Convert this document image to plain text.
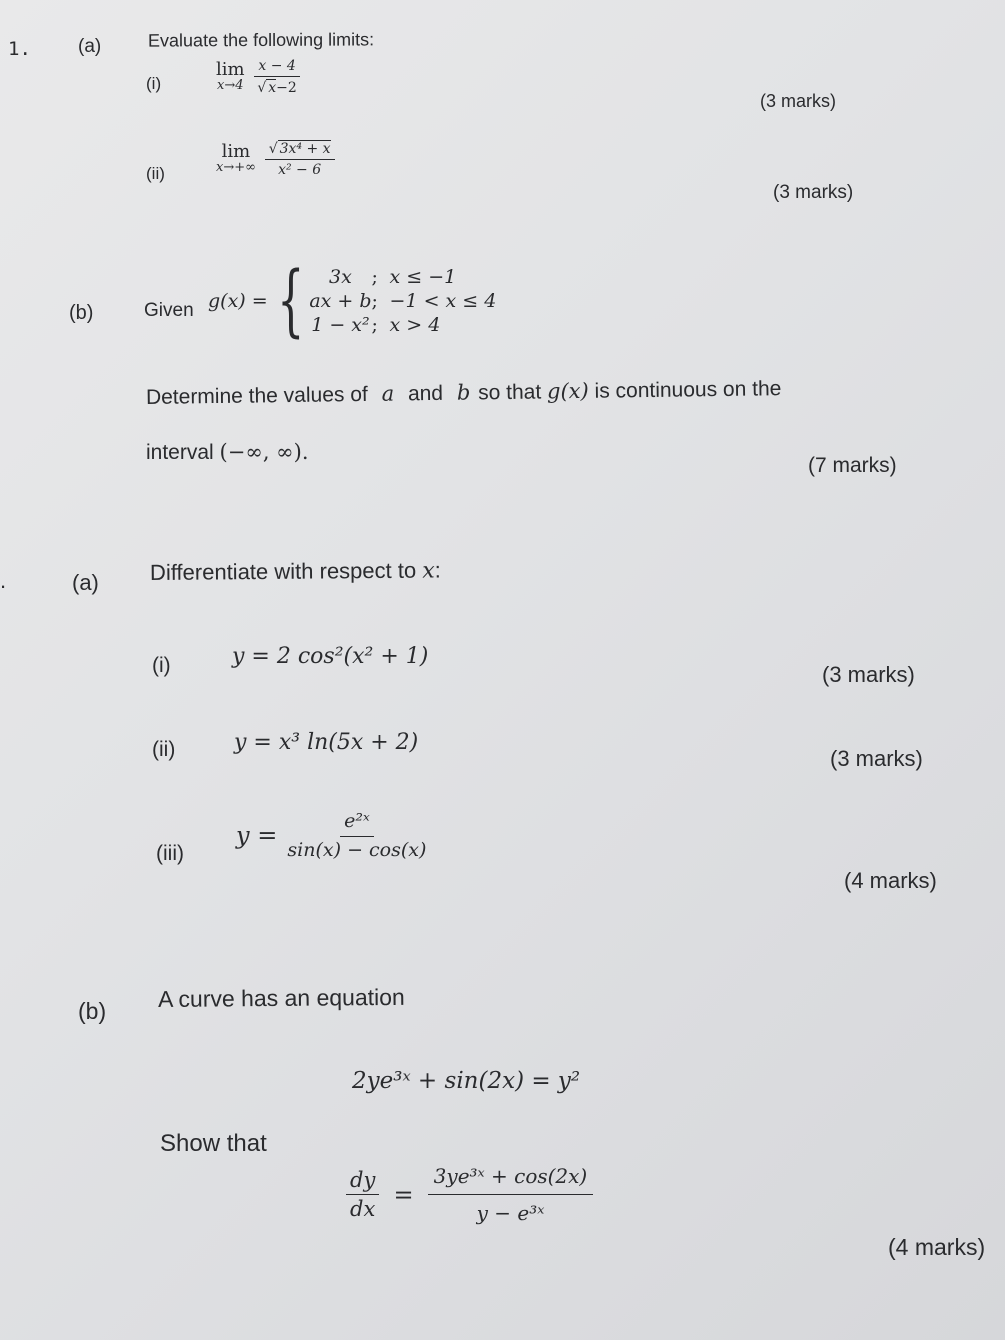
1. (a)	Evaluate the following limits:
(i)
lim
x→4
$\frac{x - 4}{√ x-2}$
(3 marks)
(ii)
lim
x→+∞
$\frac{\text{√ 3x⁴ + x}}{\text{x² − 6}}$
(3 marks)
(b)	Given g(x) = {	3x	; x ≤ −1
ax + b ; −1 < x ≤ 4
1 − x² ; x > 4
Determine the values of a and b so that g(x) is continuous on the
interval (−∞, ∞).
(7 marks)
.	(a) Differentiate with respect to x:
(i)	y = 2 cos²(x² + 1)
(3 marks)
(ii)	y = x³ ln(5x + 2)
(3 marks)
(iii)
$y = \frac{\text{e²ˣ}}{\sin(x) - \cos(x)}$
(4 marks)
(b) A curve has an equation
2ye³ˣ + sin(2x) = y²
Show that
$\frac{dy}{dx} = \frac{\text{3ye³ˣ + cos(2x)}}{\text{y − e³ˣ}}$
(4 marks)
